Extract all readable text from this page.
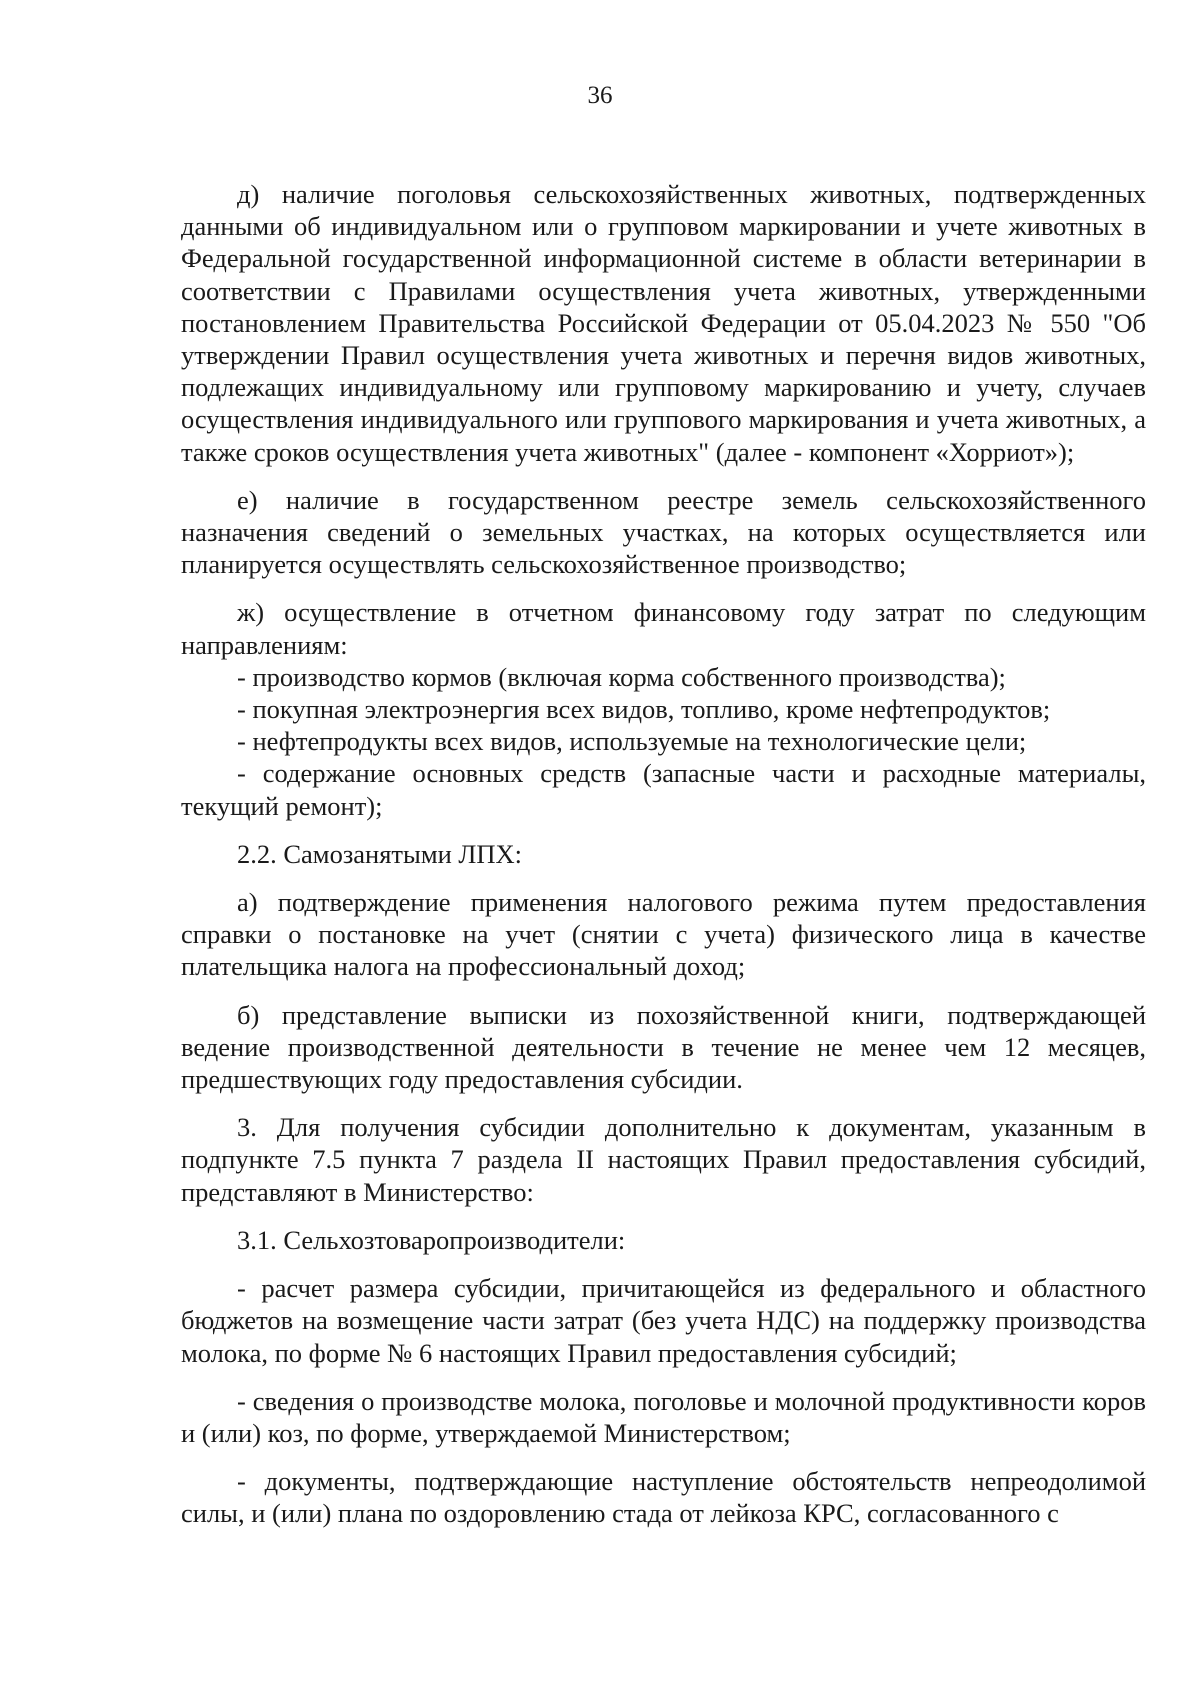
36

д) наличие поголовья сельскохозяйственных животных, подтвержденных данными об индивидуальном или о групповом маркировании и учете животных в Федеральной государственной информационной системе в области ветеринарии в соответствии с Правилами осуществления учета животных, утвержденными постановлением Правительства Российской Федерации от 05.04.2023 № 550 "Об утверждении Правил осуществления учета животных и перечня видов животных, подлежащих индивидуальному или групповому маркированию и учету, случаев осуществления индивидуального или группового маркирования и учета животных, а также сроков осуществления учета животных" (далее - компонент «Хорриот»);

е) наличие в государственном реестре земель сельскохозяйственного назначения сведений о земельных участках, на которых осуществляется или планируется осуществлять сельскохозяйственное производство;

ж) осуществление в отчетном финансовому году затрат по следующим направлениям:

- производство кормов (включая корма собственного производства);

- покупная электроэнергия всех видов, топливо, кроме нефтепродуктов;

- нефтепродукты всех видов, используемые на технологические цели;

- содержание основных средств (запасные части и расходные материалы, текущий ремонт);

2.2. Самозанятыми ЛПХ:

а) подтверждение применения налогового режима путем предоставления справки о постановке на учет (снятии с учета) физического лица в качестве плательщика налога на профессиональный доход;

б) представление выписки из похозяйственной книги, подтверждающей ведение производственной деятельности в течение не менее чем 12 месяцев, предшествующих году предоставления субсидии.

3. Для получения субсидии дополнительно к документам, указанным в подпункте 7.5 пункта 7 раздела II настоящих Правил предоставления субсидий, представляют в Министерство:

3.1. Сельхозтоваропроизводители:

- расчет размера субсидии, причитающейся из федерального и областного бюджетов на возмещение части затрат (без учета НДС) на поддержку производства молока, по форме № 6 настоящих Правил предоставления субсидий;

- сведения о производстве молока, поголовье и молочной продуктивности коров и (или) коз, по форме, утверждаемой Министерством;

- документы, подтверждающие наступление обстоятельств непреодолимой силы, и (или) плана по оздоровлению стада от лейкоза КРС, согласованного с
